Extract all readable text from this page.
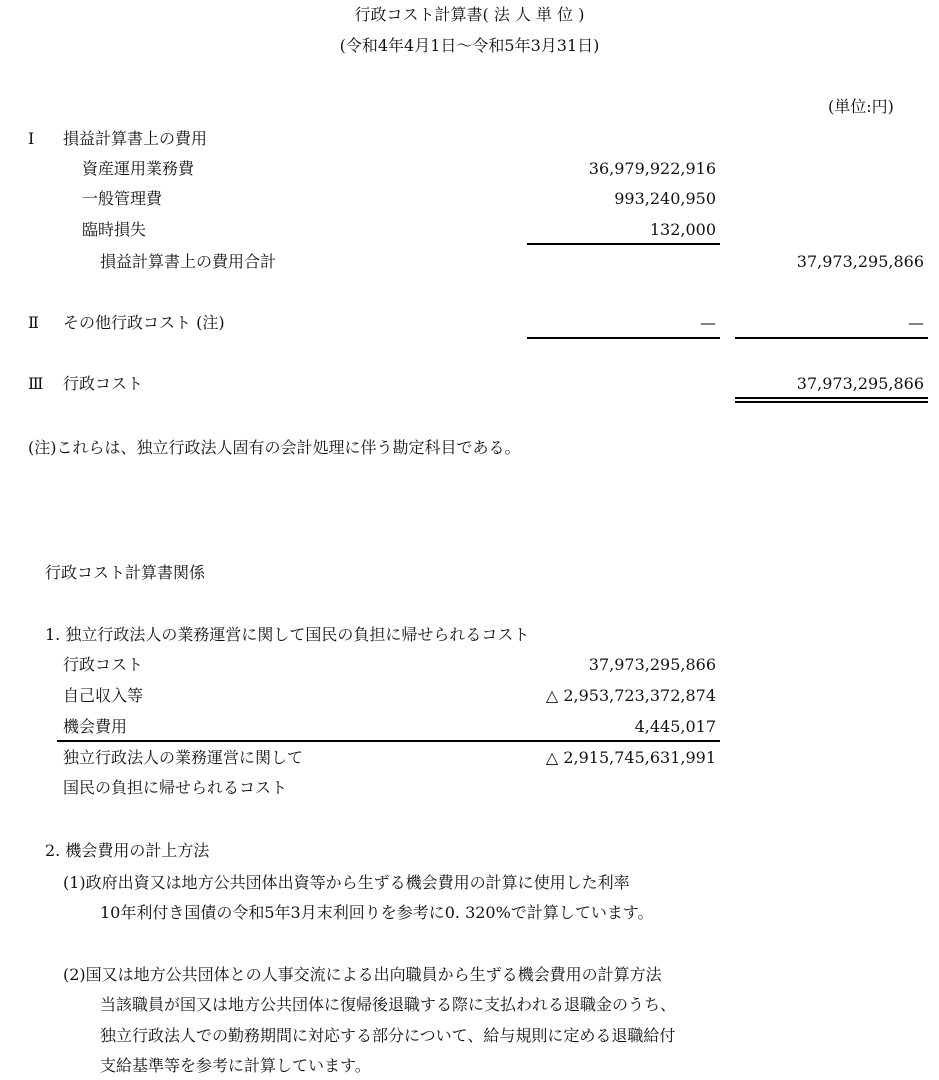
行政コスト計算書( 法 人 単 位 )
(令和4年4月1日～令和5年3月31日)
(単位:円)
Ⅰ 損益計算書上の費用
資産運用業務費	36,979,922,916
一般管理費	993,240,950
臨時損失	132,000
損益計算書上の費用合計	37,973,295,866
Ⅱ その他行政コスト (注)	—	—
Ⅲ 行政コスト	37,973,295,866
(注)これらは、独立行政法人固有の会計処理に伴う勘定科目である。
行政コスト計算書関係
1. 独立行政法人の業務運営に関して国民の負担に帰せられるコスト
行政コスト	37,973,295,866
自己収入等	△ 2,953,723,372,874
機会費用	4,445,017
独立行政法人の業務運営に関して	△ 2,915,745,631,991
国民の負担に帰せられるコスト
2. 機会費用の計上方法
(1)政府出資又は地方公共団体出資等から生ずる機会費用の計算に使用した利率
10年利付き国債の令和5年3月末利回りを参考に0. 320%で計算しています。
(2)国又は地方公共団体との人事交流による出向職員から生ずる機会費用の計算方法
当該職員が国又は地方公共団体に復帰後退職する際に支払われる退職金のうち、
独立行政法人での勤務期間に対応する部分について、給与規則に定める退職給付
支給基準等を参考に計算しています。
